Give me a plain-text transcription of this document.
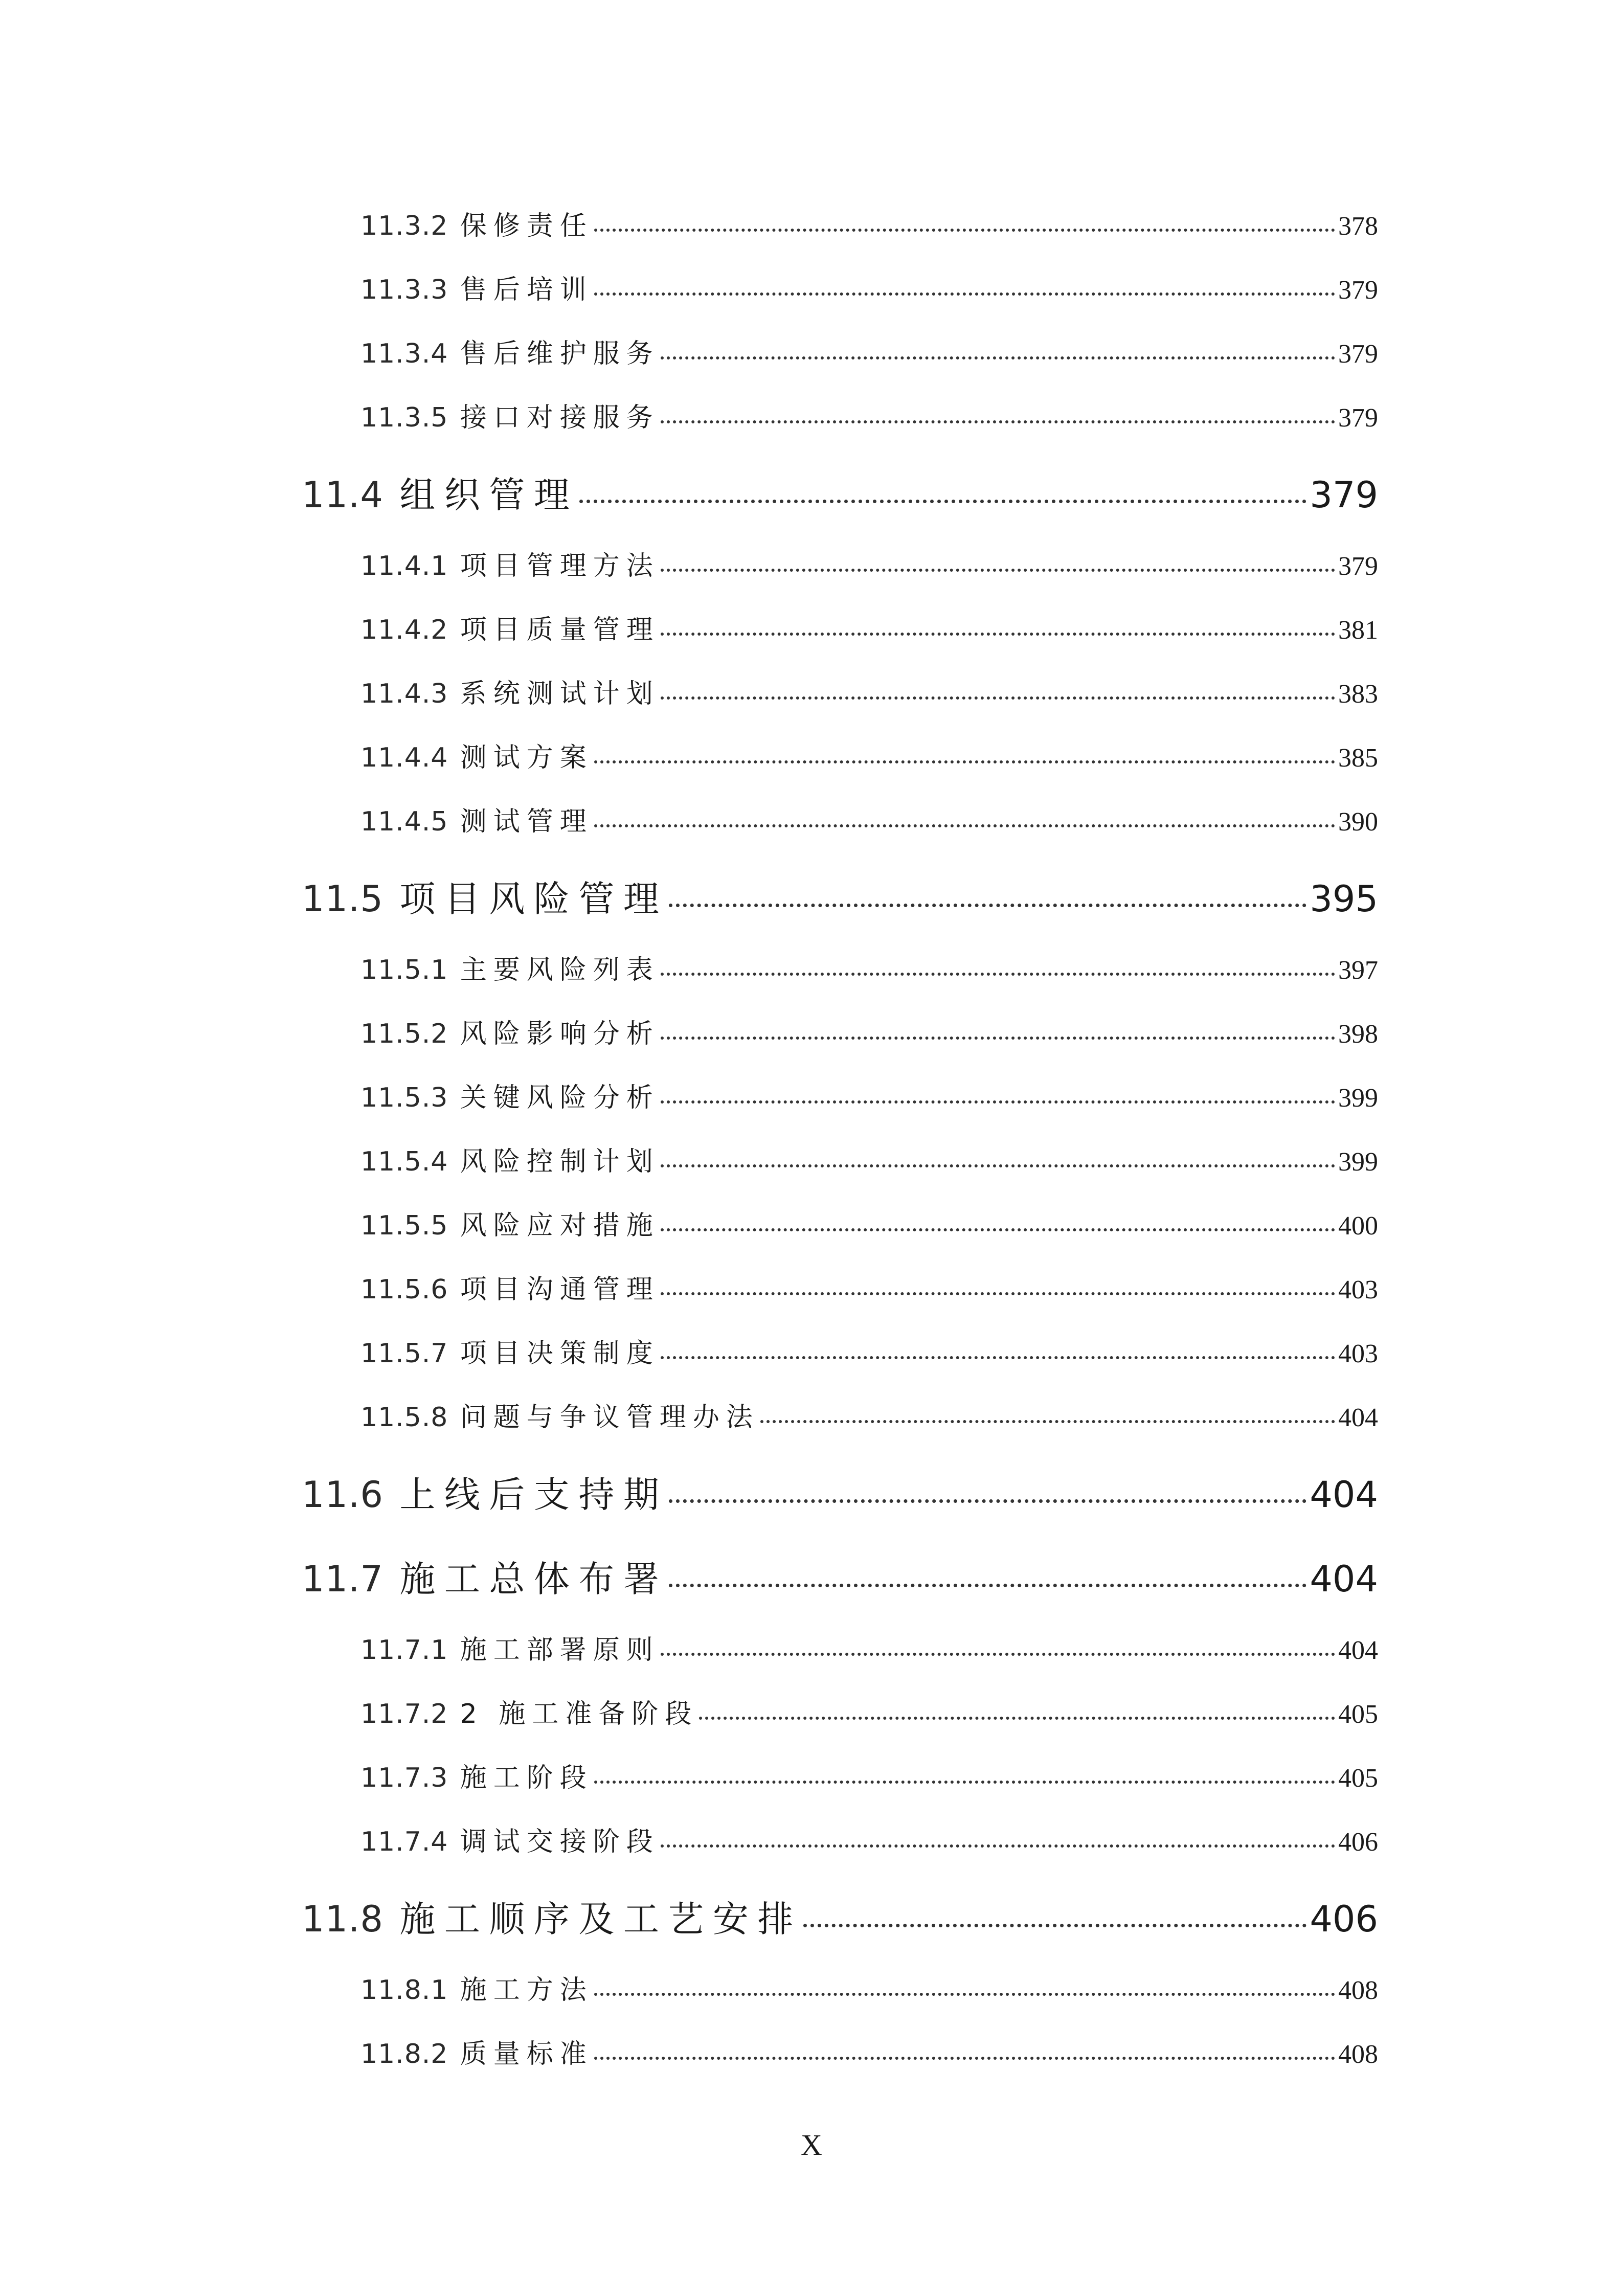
11.3.2 保修责任	378
11.3.3 售后培训	379
11.3.4 售后维护服务	379
11.3.5 接口对接服务	379
11.4 组织管理	379
11.4.1 项目管理方法	379
11.4.2 项目质量管理	381
11.4.3 系统测试计划	383
11.4.4 测试方案	385
11.4.5 测试管理	390
11.5 项目风险管理	395
11.5.1 主要风险列表	397
11.5.2 风险影响分析	398
11.5.3 关键风险分析	399
11.5.4 风险控制计划	399
11.5.5 风险应对措施	400
11.5.6 项目沟通管理	403
11.5.7 项目决策制度	403
11.5.8 问题与争议管理办法	404
11.6 上线后支持期	404
11.7 施工总体布署	404
11.7.1 施工部署原则	404
11.7.2 2 施工准备阶段	405
11.7.3 施工阶段	405
11.7.4 调试交接阶段	406
11.8 施工顺序及工艺安排	406
11.8.1 施工方法	408
11.8.2 质量标准	408
X
